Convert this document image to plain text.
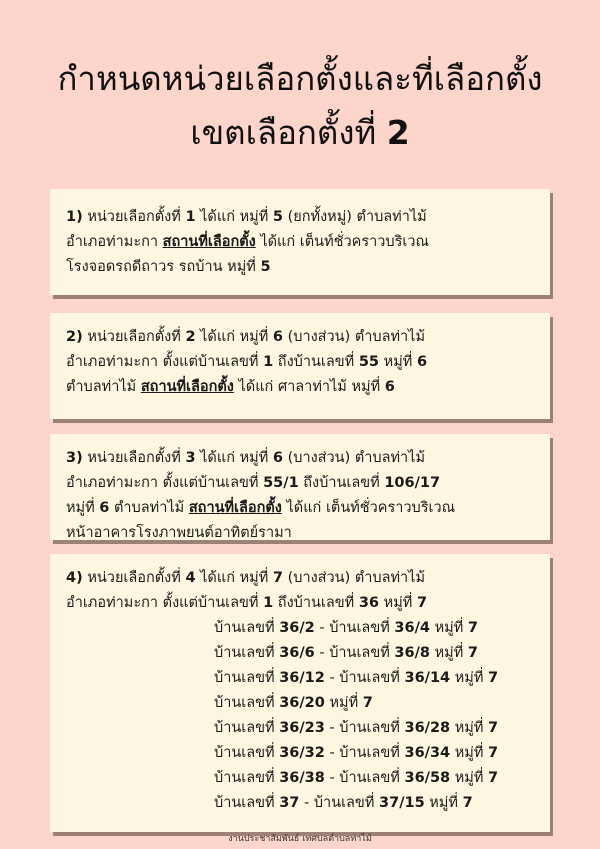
กำหนดหน่วยเลือกตั้งและที่เลือกตั้ง
เขตเลือกตั้งที่ 2
1) หน่วยเลือกตั้งที่ 1 ได้แก่ หมู่ที่ 5 (ยกทั้งหมู่) ตำบลท่าไม้
อำเภอท่ามะกา สถานที่เลือกตั้ง ได้แก่ เต็นท์ชั่วคราวบริเวณ
โรงจอดรถดีถาวร รถบ้าน หมู่ที่ 5
2) หน่วยเลือกตั้งที่ 2 ได้แก่ หมู่ที่ 6 (บางส่วน) ตำบลท่าไม้
อำเภอท่ามะกา ตั้งแต่บ้านเลขที่ 1 ถึงบ้านเลขที่ 55 หมู่ที่ 6
ตำบลท่าไม้ สถานที่เลือกตั้ง ได้แก่ ศาลาท่าไม้ หมู่ที่ 6
3) หน่วยเลือกตั้งที่ 3 ได้แก่ หมู่ที่ 6 (บางส่วน) ตำบลท่าไม้
อำเภอท่ามะกา ตั้งแต่บ้านเลขที่ 55/1 ถึงบ้านเลขที่ 106/17
หมู่ที่ 6 ตำบลท่าไม้ สถานที่เลือกตั้ง ได้แก่ เต็นท์ชั่วคราวบริเวณ
หน้าอาคารโรงภาพยนต์อาทิตย์รามา
4) หน่วยเลือกตั้งที่ 4 ได้แก่ หมู่ที่ 7 (บางส่วน) ตำบลท่าไม้
อำเภอท่ามะกา ตั้งแต่บ้านเลขที่ 1 ถึงบ้านเลขที่ 36 หมู่ที่ 7
บ้านเลขที่ 36/2 - บ้านเลขที่ 36/4 หมู่ที่ 7
บ้านเลขที่ 36/6 - บ้านเลขที่ 36/8 หมู่ที่ 7
บ้านเลขที่ 36/12 - บ้านเลขที่ 36/14 หมู่ที่ 7
บ้านเลขที่ 36/20 หมู่ที่ 7
บ้านเลขที่ 36/23 - บ้านเลขที่ 36/28 หมู่ที่ 7
บ้านเลขที่ 36/32 - บ้านเลขที่ 36/34 หมู่ที่ 7
บ้านเลขที่ 36/38 - บ้านเลขที่ 36/58 หมู่ที่ 7
บ้านเลขที่ 37 - บ้านเลขที่ 37/15 หมู่ที่ 7
งานประชาสัมพันธ์ เทศบลตำบลท่าไม้
